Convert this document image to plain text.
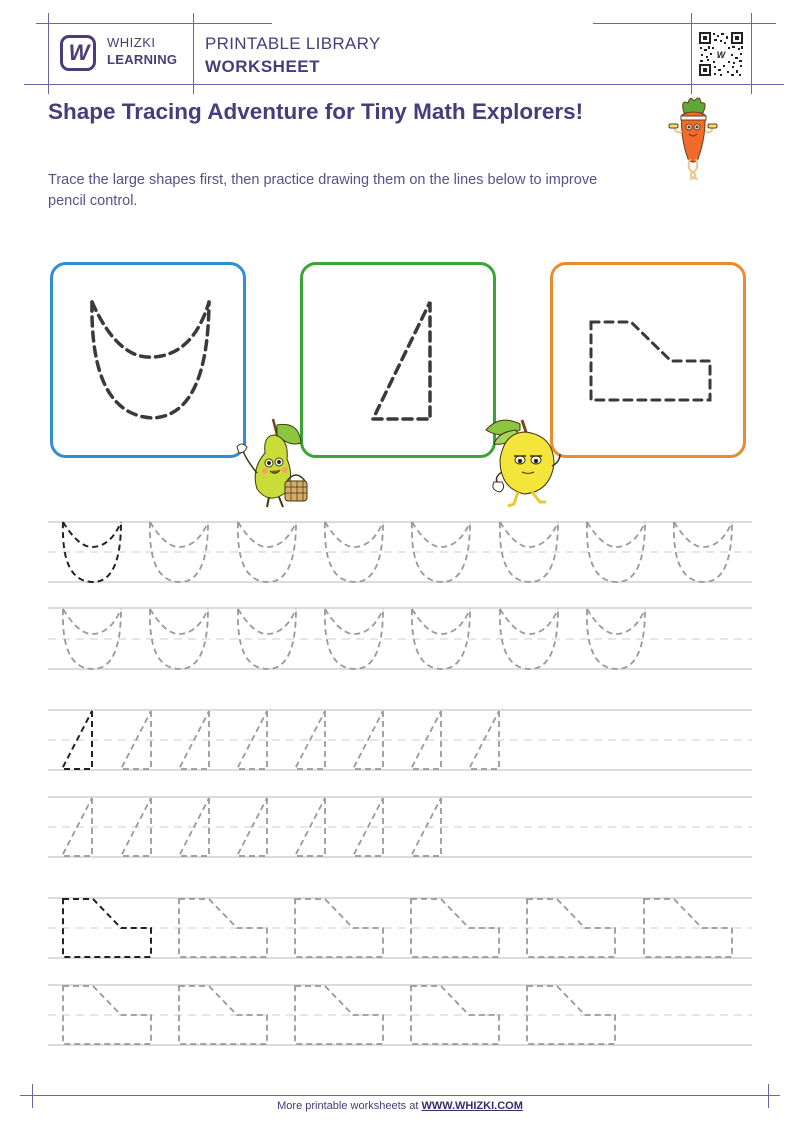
W WHIZKI
LEARNING
PRINTABLE LIBRARY
WORKSHEET
W
Shape Tracing Adventure for Tiny Math Explorers!
Trace the large shapes first, then practice drawing them on the lines below to improve pencil control.
More printable worksheets at WWW.WHIZKI.COM
